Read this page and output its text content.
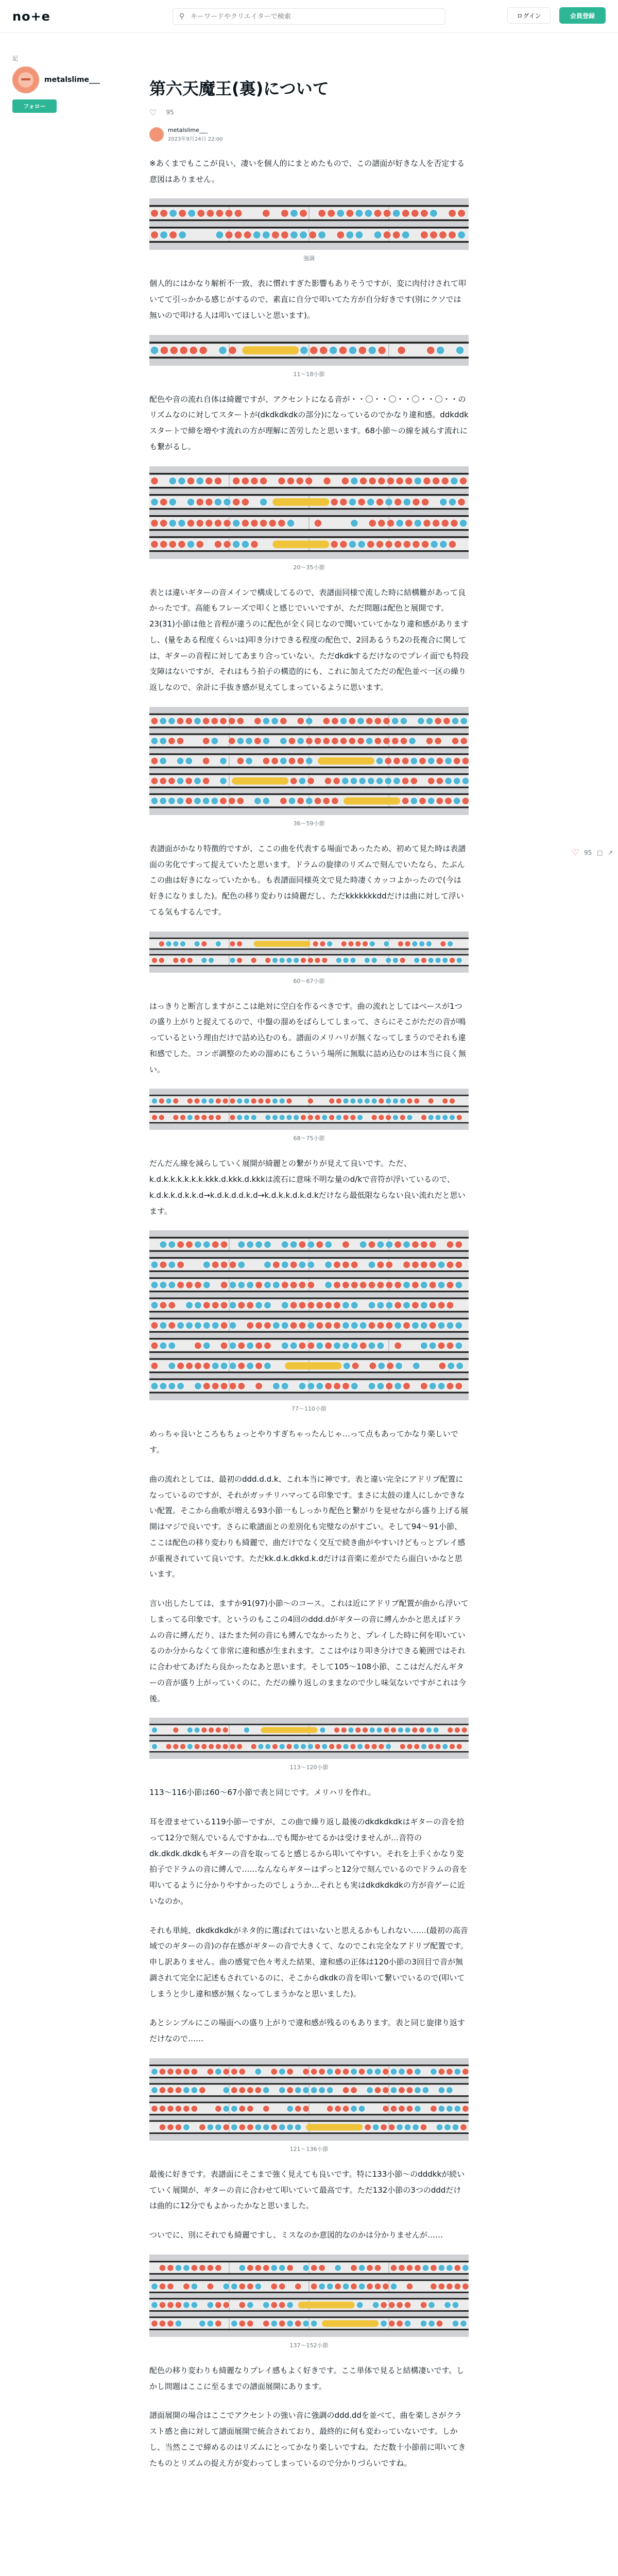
no+e	⚲
キーワードやクリエイターで検索	ログイン	会員登録
記
metalslime___
フォロー
♡ 95 □ ↗
第六天魔王(裏)について
♡ 95
metalslime___
2023年9月24日 22:00

※あくまでもここが良い、凄いを個人的にまとめたもので、この譜面が好きな人を否定する意図はありません。

強調

個人的にはかなり解析不一致、表に慣れすぎた影響もありそうですが、変に肉付けされて叩いてて引っかかる感じがするので、素直に自分で叩いてた方が自分好きです(別にクソでは無いので叩ける人は叩いてほしいと思います)。

11〜18小節

配色や音の流れ自体は綺麗ですが、アクセントになる音が・・〇・・〇・・〇・・〇・・のリズムなのに対してスタートが(dkdkdkdkの部分)になっているのでかなり違和感。ddkddkスタートで締を増やす流れの方が理解に苦労したと思います。68小節〜の線を減らす流れにも繋がるし。

20〜35小節

表とは違いギターの音メインで構成してるので、表譜面同様で流した時に結構難があって良かったです。高能もフレーズで叩くと感じでいいですが、ただ問題は配色と展開です。23(31)小節は他と音程が違うのに配色が全く同じなので聞いていてかなり違和感がありますし、(量をある程度くらいは)叩き分けできる程度の配色で、2回あるうち2の長複合に関しては、ギターの音程に対してあまり合っていない。ただdkdkするだけなのでプレイ面でも特段支障はないですが、それはもう拍子の構造的にも、これに加えてただの配色並べ一区の繰り返しなので、余計に手抜き感が見えてしまっているように思います。

36〜59小節

表譜面がかなり特徴的ですが、ここの曲を代表する場面であったため、初めて見た時は表譜面の劣化ですって捉えていたと思います。ドラムの旋律のリズムで刻んでいたなら、たぶんこの曲は好きになっていたかも。も表譜面同様英文で見た時凄くカッコよかったので(今は好きになりました)。配色の移り変わりは綺麗だし、ただkkkkkkkddだけは曲に対して浮いてる気もするんです。

60〜67小節

はっきりと断言しますがここは絶対に空白を作るべきです。曲の流れとしてはベースが1つの盛り上がりと捉えてるので、中盤の溜めをばらしてしまって、さらにそこがただの音が鳴っているという理由だけで詰め込むのも。譜面のメリハリが無くなってしまうのでそれも違和感でした。コンボ調整のための溜めにもこういう場所に無駄に詰め込むのは本当に良く無い。

68〜75小節

だんだん線を減らしていく展開が綺麗との繋がりが見えて良いです。ただ、k.d.k.k.k.k.k.k.kkk.d.kkk.d.kkkは流石に意味不明な量のd/kで音符が浮いているので、k.d.k.k.d.k.k.d→k.d.k.d.d.k.d→k.d.k.k.d.k.d.kだけなら最低限ならない良い流れだと思います。

77〜110小節

めっちゃ良いところもちょっとやりすぎちゃったんじゃ…って点もあってかなり楽しいです。

曲の流れとしては、最初のddd.d.d.k、これ本当に神です。表と違い完全にアドリブ配置になっているのですが、それがガッチリハマってる印象です。まさに太鼓の達人にしかできない配置。そこから曲歌が増える93小節一もしっかり配色と繋がりを見せながら盛り上げる展開はマジで良いです。さらに歌譜面との差別化も完璧なのがすごい。そして94〜91小節、ここは配色の移り変わりも綺麗で、曲だけでなく交互で続き曲がやすいけどもっとプレイ感が重視されていて良いです。ただkk.d.k.dkkd.k.dだけは音楽に差がでたら面白いかなと思います。

言い出したしては、ますか91(97)小節〜のコース。これは近にアドリブ配置が曲から浮いてしまってる印象です。というのもここの4回のddd.dがギターの音に縛んかかと思えばドラムの音に縛んだり、ほたまた何の音にも縛んでなかったりと、プレイした時に何を叩いているのか分からなくて非常に違和感が生まれます。ここはやはり叩き分けできる範囲ではそれに合わせてあげたら良かったなあと思います。そして105〜108小節、ここはだんだんギターの音が盛り上がっていくのに、ただの繰り返しのままなので少し味気ないですがこれは今後。

113〜120小節

113〜116小節は60〜67小節で表と同じです。メリハリを作れ。

耳を澄ませている119小節ーですが、この曲で繰り返し最後のdkdkdkdkはギターの音を拾って12分で刻んでいるんですかね…でも聞かせてるかは受けませんが…音符のdk.dkdk.dkdkもギターの音を取ってると感じるから叩いてやすい。それを上手くかなり変拍子でドラムの音に縛んで……なんならギターはずっと12分で刻んでいるのでドラムの音を叩いてるように分かりやすかったのでしょうか…それとも実はdkdkdkdkの方が音ゲーに近いなのか。

それも単純、dkdkdkdkがネタ的に選ばれてはいないと思えるかもしれない……(最初の高音域でのギターの音)の存在感がギターの音で大きくて、なのでこれ完全なアドリブ配置です。申し訳ありません。曲の感覚で色々考えた結果、違和感の正体は120小節の3回目で音が無調されて完全に記述もされているのに、そこからdkdkの音を叩いて繋いでいるので(叩いてしまうと少し違和感が無くなってしまうかなと思いました)。

あとシンプルにこの場面への盛り上がりで違和感が残るのもあります。表と同じ旋律り返すだけなので……

121〜136小節

最後に好きです。表譜面にそこまで強く見えても良いです。特に133小節～のdddkkが続いていく展開が、ギターの音に合わせて叩いていて最高です。ただ132小節の3つのdddだけは曲的に12分でもよかったかなと思いました。

ついでに、別にそれでも綺麗ですし、ミスなのか意図的なのかは分かりませんが……

137〜152小節

配色の移り変わりも綺麗なりプレイ感もよく好きです。ここ単体で見ると結構凄いです。しかし問題はここに至るまでの譜面展開にあります。

譜面展開の場合はここでアクセントの強い音に強調のddd.ddを並べて、曲を楽しさがクラスト感と曲に対して譜面展開で統合されており、最終的に何も変わっていないです。しかし、当然ここで締めるのはリズムにとってかなり楽しいですね。ただ数十小節前に叩いてきたものとリズムの捉え方が変わってしまっているので分かりづらいですね。
